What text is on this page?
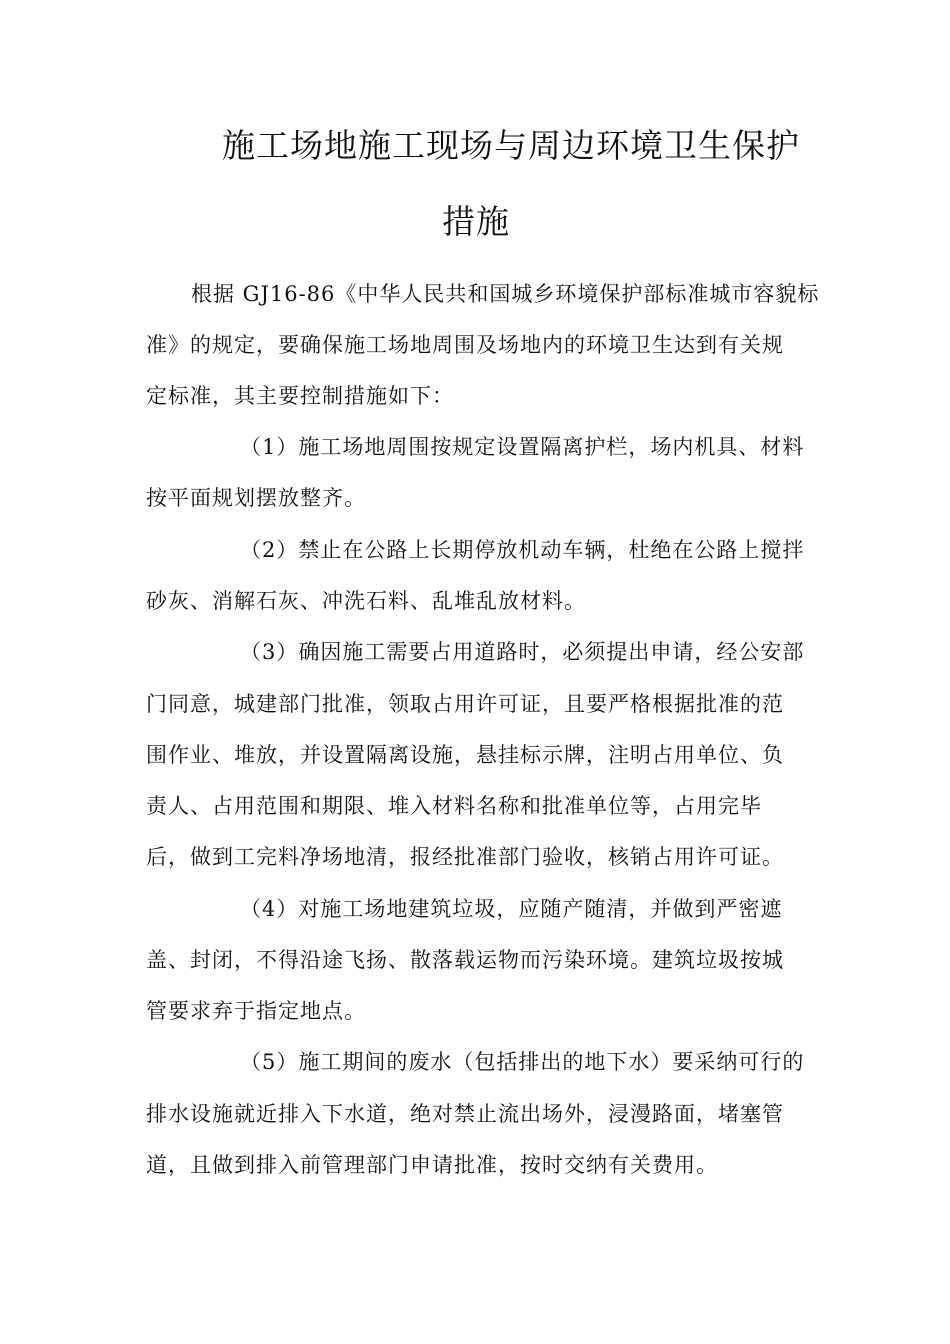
施工场地施工现场与周边环境卫生保护
措施
根据 GJ16-86《中华人民共和国城乡环境保护部标准城市容貌标
准》的规定，要确保施工场地周围及场地内的环境卫生达到有关规
定标准，其主要控制措施如下：
（1）施工场地周围按规定设置隔离护栏，场内机具、材料
按平面规划摆放整齐。
（2）禁止在公路上长期停放机动车辆，杜绝在公路上搅拌
砂灰、消解石灰、冲洗石料、乱堆乱放材料。
（3）确因施工需要占用道路时，必须提出申请，经公安部
门同意，城建部门批准，领取占用许可证，且要严格根据批准的范
围作业、堆放，并设置隔离设施，悬挂标示牌，注明占用单位、负
责人、占用范围和期限、堆入材料名称和批准单位等，占用完毕
后，做到工完料净场地清，报经批准部门验收，核销占用许可证。
（4）对施工场地建筑垃圾，应随产随清，并做到严密遮
盖、封闭，不得沿途飞扬、散落载运物而污染环境。建筑垃圾按城
管要求弃于指定地点。
（5）施工期间的废水（包括排出的地下水）要采纳可行的
排水设施就近排入下水道，绝对禁止流出场外，浸漫路面，堵塞管
道，且做到排入前管理部门申请批准，按时交纳有关费用。
